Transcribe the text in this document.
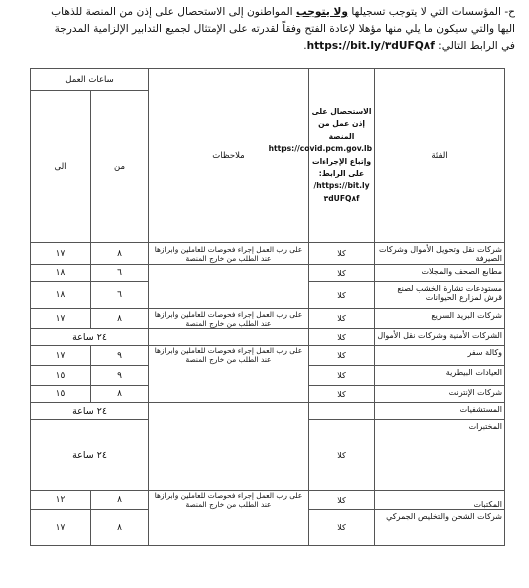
ح- المؤسسات التي لا يتوجب تسجيلها ولا يتوجب المواطنون إلى الاستحصال على إذن من المنصة للذهاب

اليها والتي سيكون ما يلي منها مؤهلا لإعادة الفتح وفقاً لقدرته على الإمتثال لجميع التدابير الإلزامية المدرجة

في الرابط التالي: https://bit.ly/٣dUFQ٨f.

الفئة	الاستحصال على إذن عمل من المنصة https://covid.pcm.gov.lb وإتباع الإجراءات على الرابط: https://bit.ly/٣dUFQ٨f	ملاحظات	ساعات العمل	
			من	الى
شركات نقل وتحويل الأموال وشركات الصيرفة	كلا	على رب العمل إجراء فحوصات للعاملين وابرازها عند الطلب من خارج المنصة	٨	١٧
مطابع الصحف والمجلات	كلا		٦	١٨
مستودعات تشارة الخشب لصنع قرش لمزارع الحيوانات	كلا		٦	١٨
شركات البريد السريع	كلا	على رب العمل إجراء فحوصات للعاملين وابرازها عند الطلب من خارج المنصة	٨	١٧
الشركات الأمنية وشركات نقل الأموال	كلا		٢٤ ساعة	
وكالة سفر	كلا	على رب العمل إجراء فحوصات للعاملين وابرازها عند الطلب من خارج المنصة	٩	١٧
العيادات البيطرية	كلا		٩	١٥
شركات الإنترنت	كلا		٨	١٥
المستشفيات			٢٤ ساعة	
المختبرات	كلا		٢٤ ساعة	
المكتبات	كلا	على رب العمل إجراء فحوصات للعاملين وابرازها عند الطلب من خارج المنصة	٨	١٢
شركات الشحن والتخليص الجمركي	كلا		٨	١٧
